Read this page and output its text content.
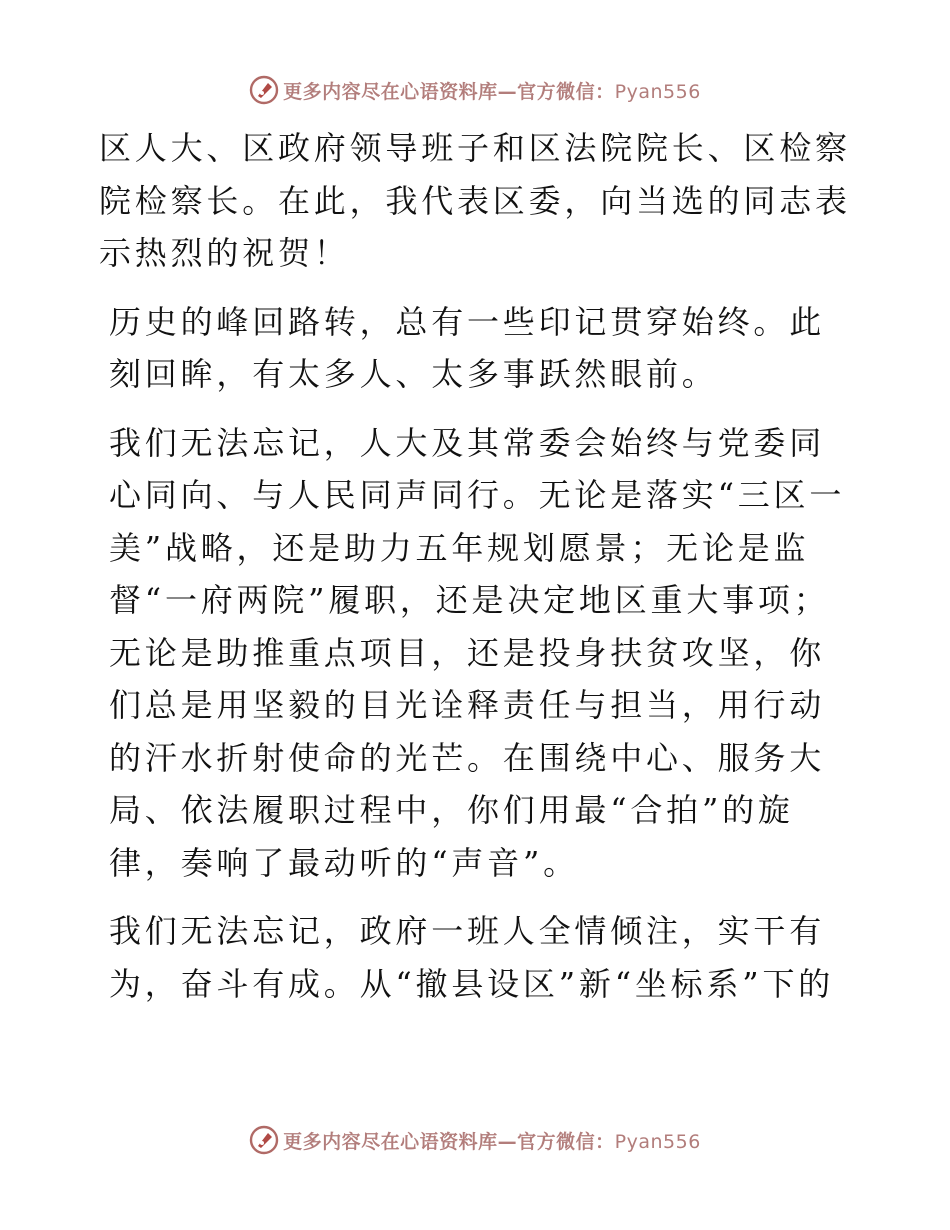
更多内容尽在心语资料库—官方微信：Pyan556

区人大、区政府领导班子和区法院院长、区检察院检察长。在此，我代表区委，向当选的同志表示热烈的祝贺！

历史的峰回路转，总有一些印记贯穿始终。此刻回眸，有太多人、太多事跃然眼前。

我们无法忘记，人大及其常委会始终与党委同心同向、与人民同声同行。无论是落实“三区一美”战略，还是助力五年规划愿景；无论是监督“一府两院”履职，还是决定地区重大事项；无论是助推重点项目，还是投身扶贫攻坚，你们总是用坚毅的目光诠释责任与担当，用行动的汗水折射使命的光芒。在围绕中心、服务大局、依法履职过程中，你们用最“合拍”的旋律，奏响了最动听的“声音”。

我们无法忘记，政府一班人全情倾注，实干有为，奋斗有成。从“撤县设区”新“坐标系”下的

更多内容尽在心语资料库—官方微信：Pyan556
